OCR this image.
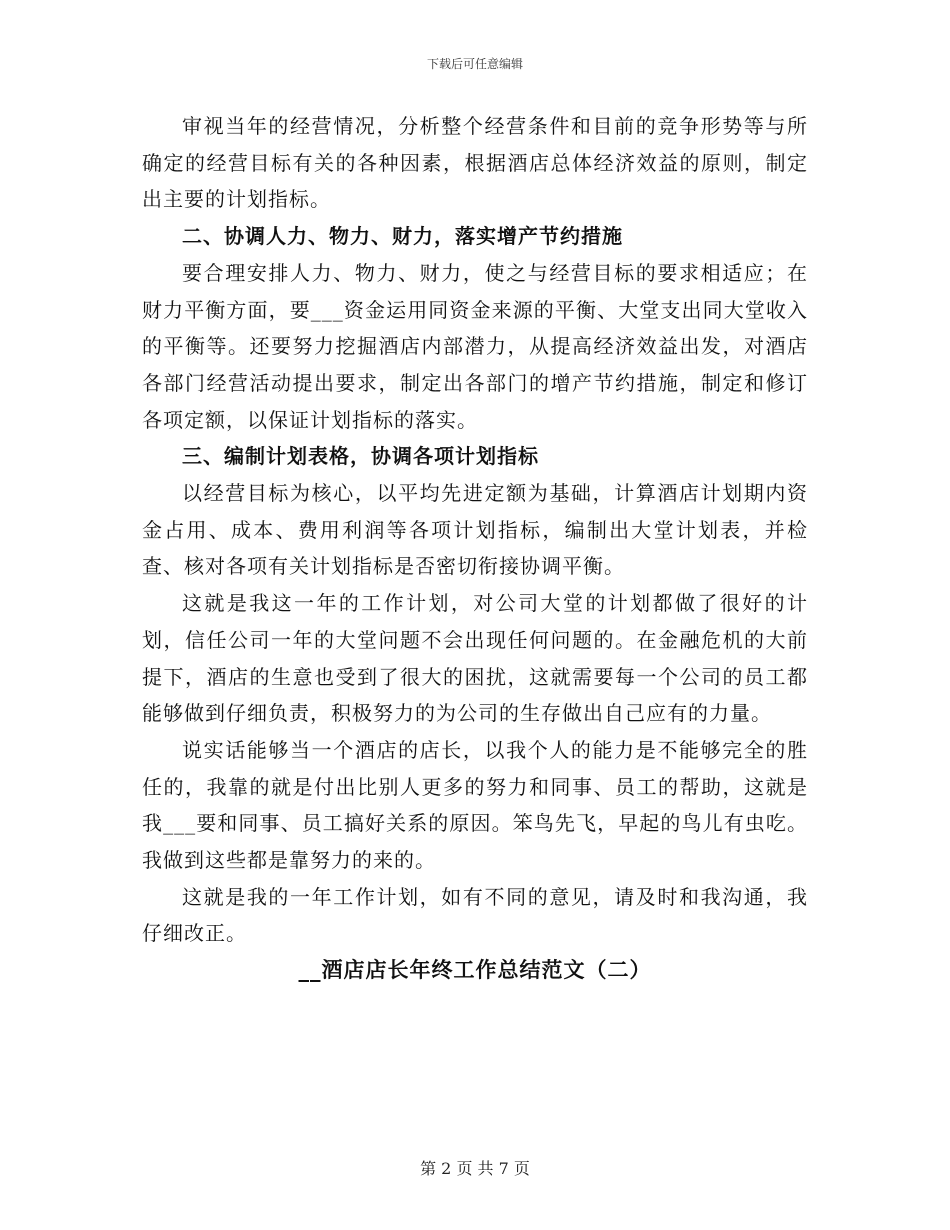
下载后可任意编辑

审视当年的经营情况，分析整个经营条件和目前的竞争形势等与所确定的经营目标有关的各种因素，根据酒店总体经济效益的原则，制定出主要的计划指标。

二、协调人力、物力、财力，落实增产节约措施

要合理安排人力、物力、财力，使之与经营目标的要求相适应；在财力平衡方面，要___资金运用同资金来源的平衡、大堂支出同大堂收入的平衡等。还要努力挖掘酒店内部潜力，从提高经济效益出发，对酒店各部门经营活动提出要求，制定出各部门的增产节约措施，制定和修订各项定额，以保证计划指标的落实。

三、编制计划表格，协调各项计划指标

以经营目标为核心，以平均先进定额为基础，计算酒店计划期内资金占用、成本、费用利润等各项计划指标，编制出大堂计划表，并检查、核对各项有关计划指标是否密切衔接协调平衡。

这就是我这一年的工作计划，对公司大堂的计划都做了很好的计划，信任公司一年的大堂问题不会出现任何问题的。在金融危机的大前提下，酒店的生意也受到了很大的困扰，这就需要每一个公司的员工都能够做到仔细负责，积极努力的为公司的生存做出自己应有的力量。

说实话能够当一个酒店的店长，以我个人的能力是不能够完全的胜任的，我靠的就是付出比别人更多的努力和同事、员工的帮助，这就是我___要和同事、员工搞好关系的原因。笨鸟先飞，早起的鸟儿有虫吃。我做到这些都是靠努力的来的。

这就是我的一年工作计划，如有不同的意见，请及时和我沟通，我仔细改正。

__酒店店长年终工作总结范文（二）

第 2 页 共 7 页
